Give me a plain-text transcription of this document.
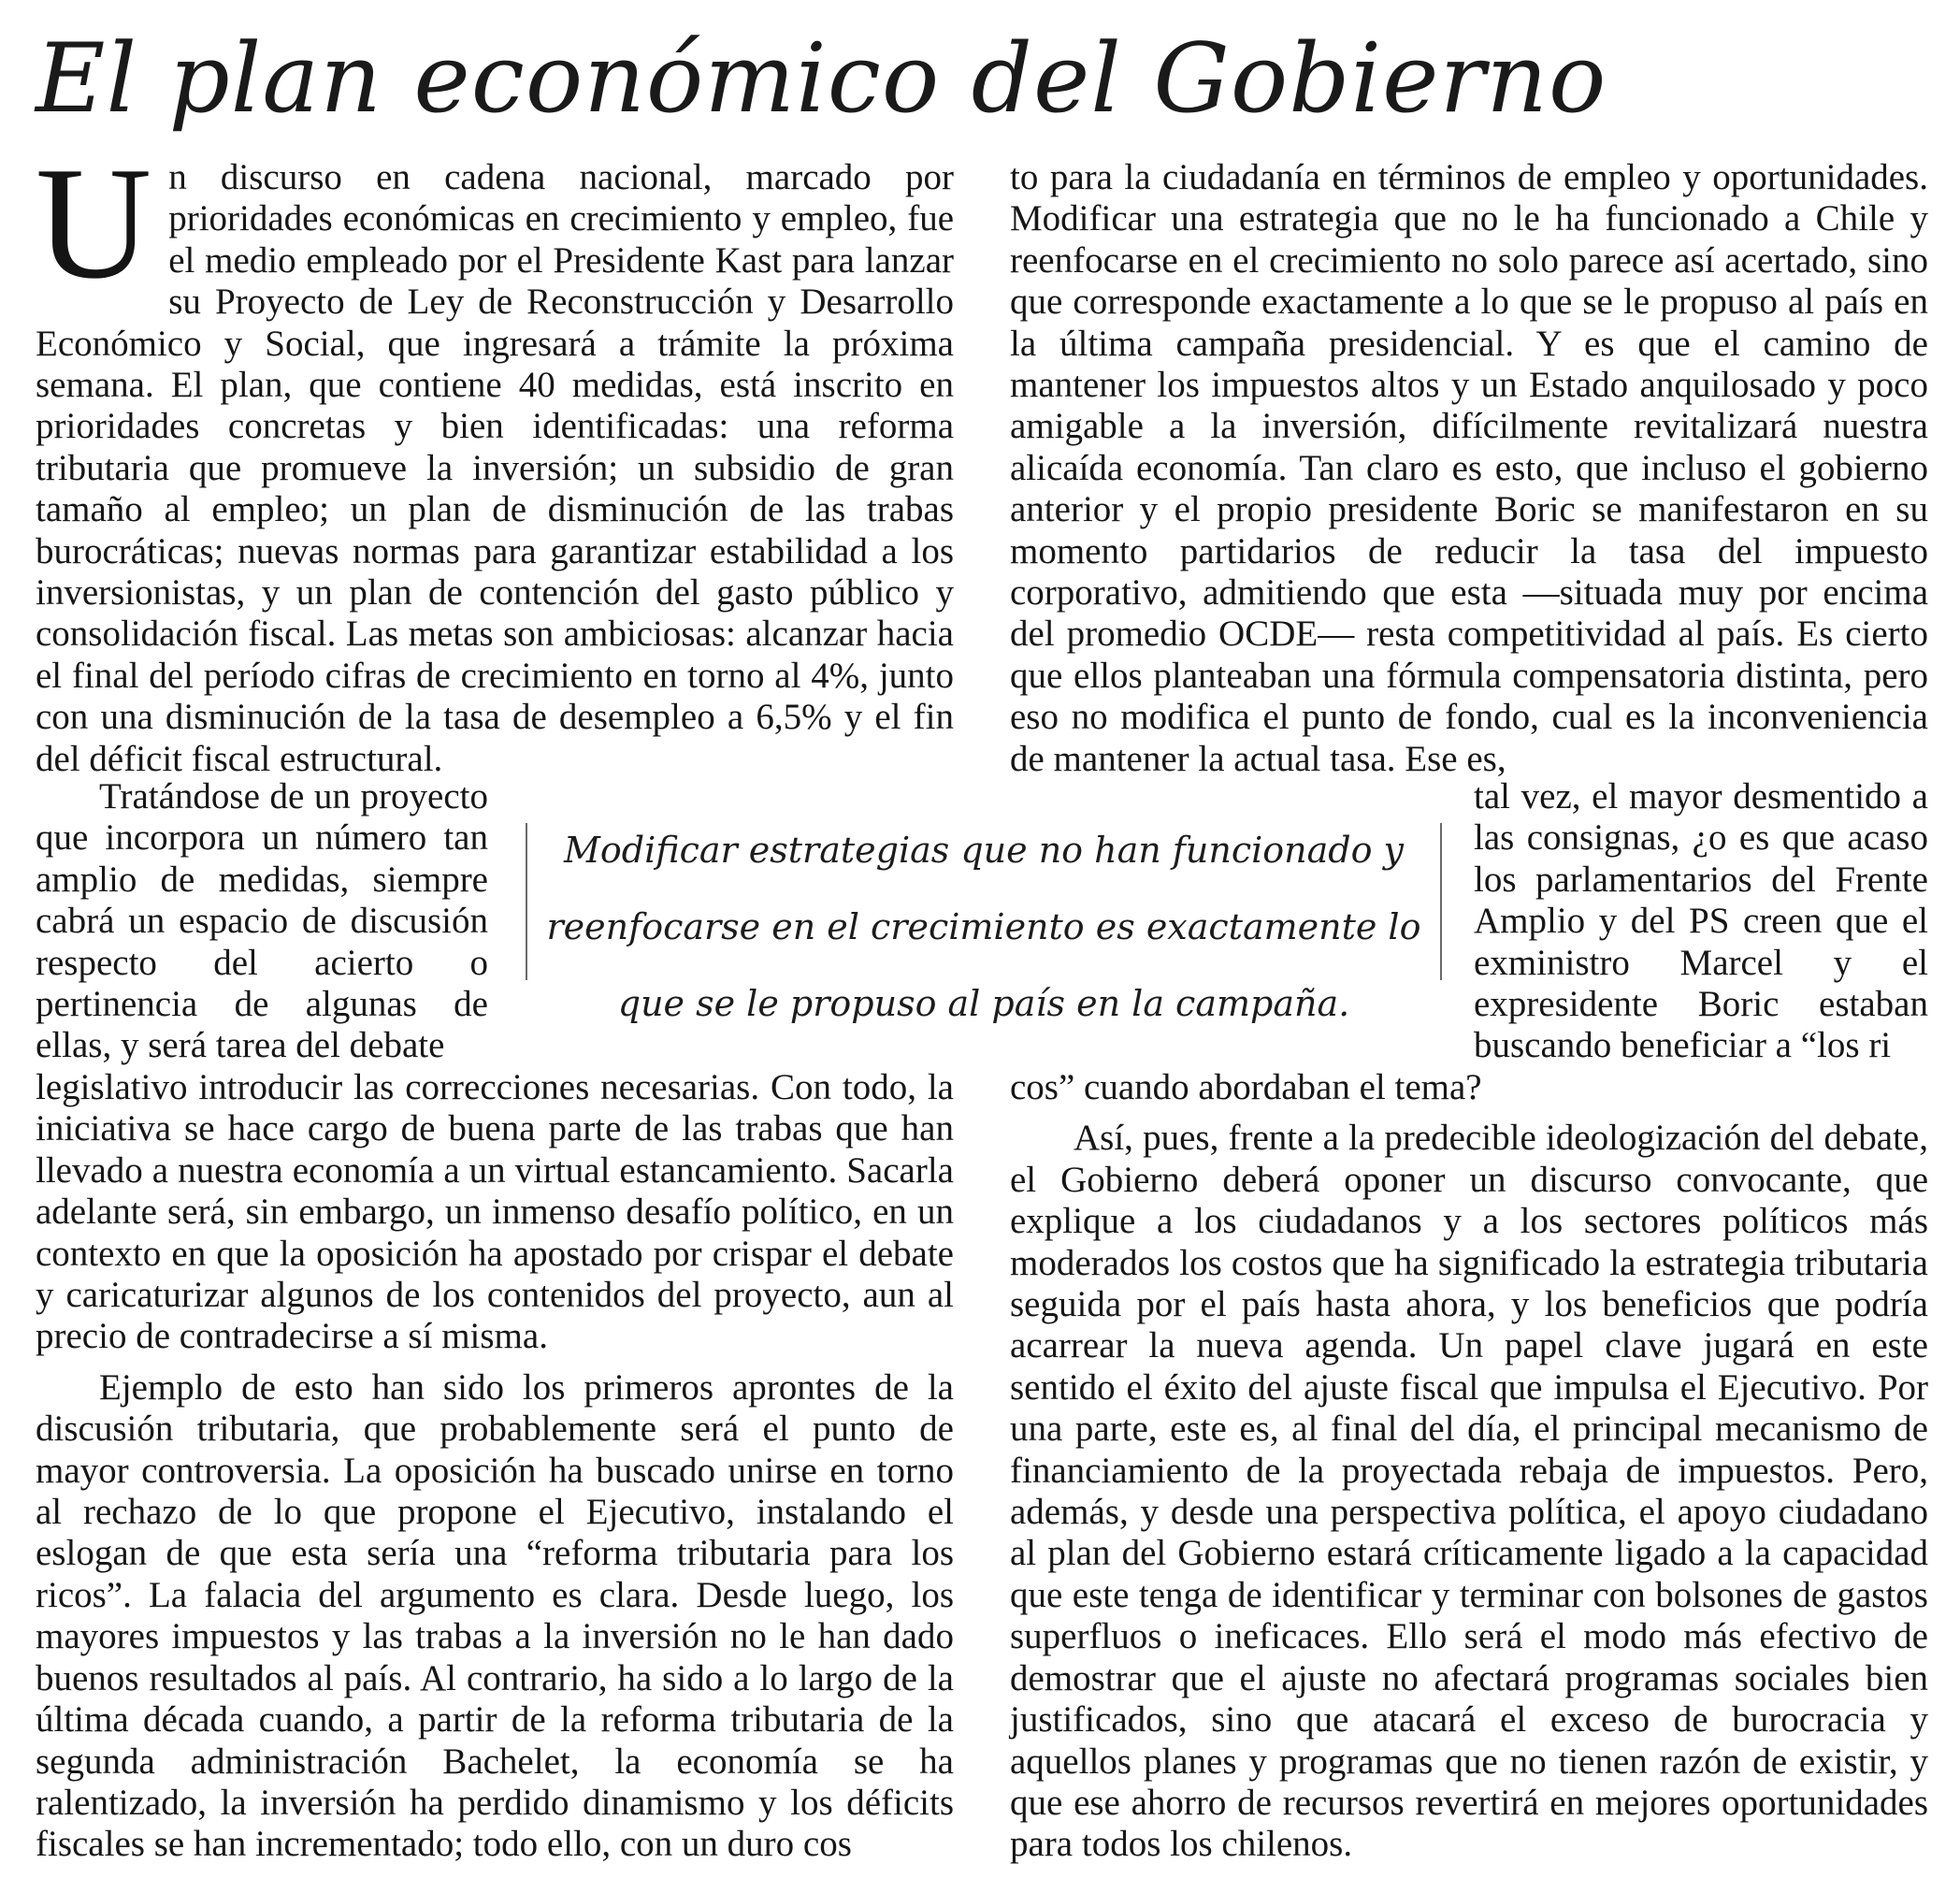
El plan económico del Gobierno

Un discurso en cadena nacional, marcado por prioridades económicas en crecimiento y empleo, fue el medio empleado por el Presidente Kast para lanzar su Proyecto de Ley de Reconstrucción y Desarrollo Económico y Social, que ingresará a trámite la próxima semana. El plan, que contiene 40 medidas, está inscrito en prioridades concretas y bien identificadas: una reforma tributaria que promueve la inversión; un subsidio de gran tamaño al empleo; un plan de disminución de las trabas burocráticas; nuevas normas para garantizar estabilidad a los inversionistas, y un plan de contención del gasto público y consolidación fiscal. Las metas son ambiciosas: alcanzar hacia el final del período cifras de crecimiento en torno al 4%, junto con una disminución de la tasa de desempleo a 6,5% y el fin del déficit fiscal estructural.

Tratándose de un proyecto que incorpora un número tan amplio de medidas, siempre cabrá un espacio de discusión respecto del acierto o pertinencia de algunas de ellas, y será tarea del debate

legislativo introducir las correcciones necesarias. Con todo, la iniciativa se hace cargo de buena parte de las trabas que han llevado a nuestra economía a un virtual estancamiento. Sacarla adelante será, sin embargo, un inmenso desafío político, en un contexto en que la oposición ha apostado por crispar el debate y caricaturizar algunos de los contenidos del proyecto, aun al precio de contradecirse a sí misma.

Ejemplo de esto han sido los primeros aprontes de la discusión tributaria, que probablemente será el punto de mayor controversia. La oposición ha buscado unirse en torno al rechazo de lo que propone el Ejecutivo, instalando el eslogan de que esta sería una “reforma tributaria para los ricos”. La falacia del argumento es clara. Desde luego, los mayores impuestos y las trabas a la inversión no le han dado buenos resultados al país. Al contrario, ha sido a lo largo de la última década cuando, a partir de la reforma tributaria de la segunda administración Bachelet, la economía se ha ralentizado, la inversión ha perdido dinamismo y los déficits fiscales se han incrementado; todo ello, con un duro cos

to para la ciudadanía en términos de empleo y oportunidades. Modificar una estrategia que no le ha funcionado a Chile y reenfocarse en el crecimiento no solo parece así acertado, sino que corresponde exactamente a lo que se le propuso al país en la última campaña presidencial. Y es que el camino de mantener los impuestos altos y un Estado anquilosado y poco amigable a la inversión, difícilmente revitalizará nuestra alicaída economía. Tan claro es esto, que incluso el gobierno anterior y el propio presidente Boric se manifestaron en su momento partidarios de reducir la tasa del impuesto corporativo, admitiendo que esta —situada muy por encima del promedio OCDE— resta competitividad al país. Es cierto que ellos planteaban una fórmula compensatoria distinta, pero eso no modifica el punto de fondo, cual es la inconveniencia de mantener la actual tasa. Ese es,

tal vez, el mayor desmentido a las consignas, ¿o es que acaso los parlamentarios del Frente Amplio y del PS creen que el exministro Marcel y el expresidente Boric estaban buscando beneficiar a “los ri

cos” cuando abordaban el tema?

Así, pues, frente a la predecible ideologización del debate, el Gobierno deberá oponer un discurso convocante, que explique a los ciudadanos y a los sectores políticos más moderados los costos que ha significado la estrategia tributaria seguida por el país hasta ahora, y los beneficios que podría acarrear la nueva agenda. Un papel clave jugará en este sentido el éxito del ajuste fiscal que impulsa el Ejecutivo. Por una parte, este es, al final del día, el principal mecanismo de financiamiento de la proyectada rebaja de impuestos. Pero, además, y desde una perspectiva política, el apoyo ciudadano al plan del Gobierno estará críticamente ligado a la capacidad que este tenga de identificar y terminar con bolsones de gastos superfluos o ineficaces. Ello será el modo más efectivo de demostrar que el ajuste no afectará programas sociales bien justificados, sino que atacará el exceso de burocracia y aquellos planes y programas que no tienen razón de existir, y que ese ahorro de recursos revertirá en mejores oportunidades para todos los chilenos.

Modificar estrategias que no han funcionado y reenfocarse en el crecimiento es exactamente lo que se le propuso al país en la campaña.
